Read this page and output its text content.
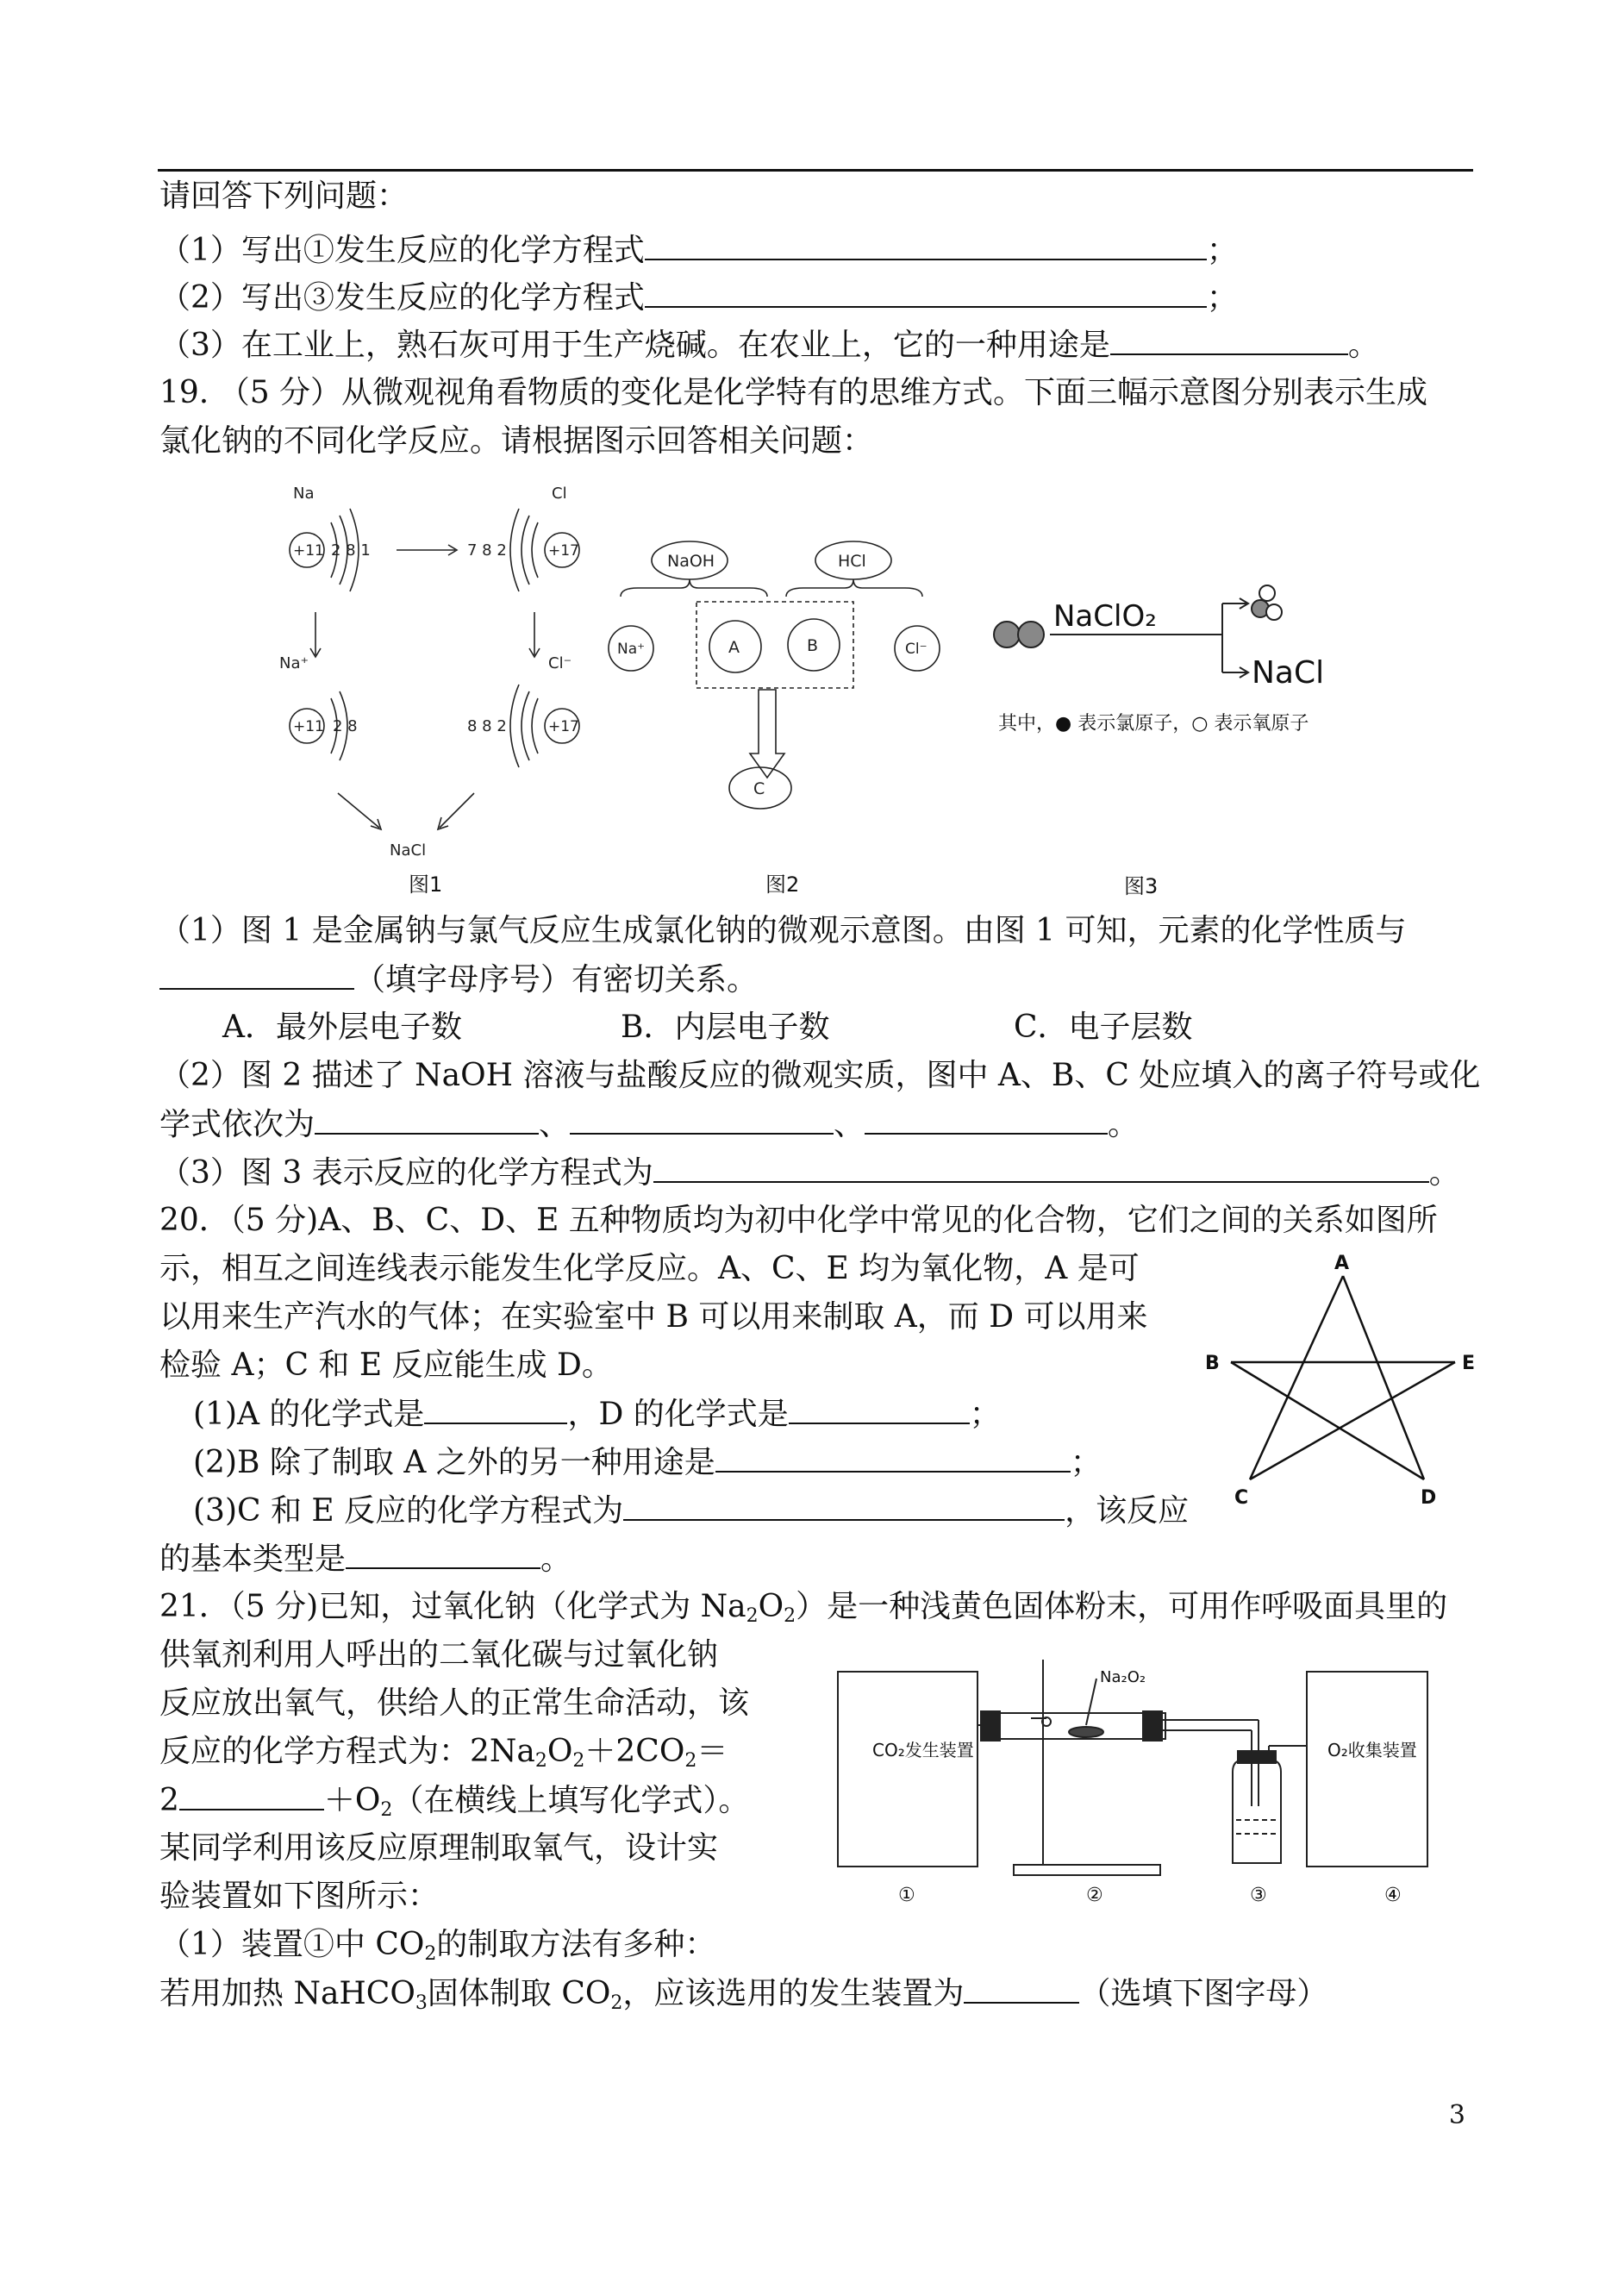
请回答下列问题：
（1）写出①发生反应的化学方程式	；
（2）写出③发生反应的化学方程式	；
（3）在工业上，熟石灰可用于生产烧碱。在农业上，它的一种用途是	。
19. （5 分）从微观视角看物质的变化是化学特有的思维方式。下面三幅示意图分别表示生成
氯化钠的不同化学反应。请根据图示回答相关问题：
Na	Cl
+11 2 8 1	+17
7 8 2
Na⁺	Cl⁻
+11 2 8	+17
8 8 2
NaCl
图1
NaOH	HCl
Na⁺	A	B	Cl⁻
C
图2
NaClO₂
NaCl
其中，● 表示氯原子，○ 表示氧原子
图3
（1）图 1 是金属钠与氯气反应生成氯化钠的微观示意图。由图 1 可知，元素的化学性质与
（填字母序号）有密切关系。
A．最外层电子数	B．内层电子数	C．电子层数
（2）图 2 描述了 NaOH 溶液与盐酸反应的微观实质，图中 A、B、C 处应填入的离子符号或化
学式依次为	、	、	。
（3）图 3 表示反应的化学方程式为	。
20．（5 分)A、B、C、D、E 五种物质均为初中化学中常见的化合物，它们之间的关系如图所
示，相互之间连线表示能发生化学反应。A、C、E 均为氧化物，A 是可
以用来生产汽水的气体；在实验室中 B 可以用来制取 A，而 D 可以用来
检验 A；C 和 E 反应能生成 D。
(1)A 的化学式是	，D 的化学式是	；
(2)B 除了制取 A 之外的另一种用途是	；
(3)C 和 E 反应的化学方程式为	，该反应
的基本类型是	。
A
B	E
C	D
21．（5 分)已知，过氧化钠（化学式为 $Na_2O_2$）是一种浅黄色固体粉末，可用作呼吸面具里的
供氧剂利用人呼出的二氧化碳与过氧化钠
反应放出氧气，供给人的正常生命活动，该
反应的化学方程式为：$2Na_2O_2+2CO_2=$
2	$+O_2$（在横线上填写化学式）。
某同学利用该反应原理制取氧气，设计实
验装置如下图所示：
（1）装置①中 $CO_2$的制取方法有多种：
若用加热 NaHCO$_3$固体制取 $CO_2$，应该选用的发生装置为	（选填下图字母）
CO₂发生装置	O₂收集装置
Na₂O₂
①	②	③	④
3
